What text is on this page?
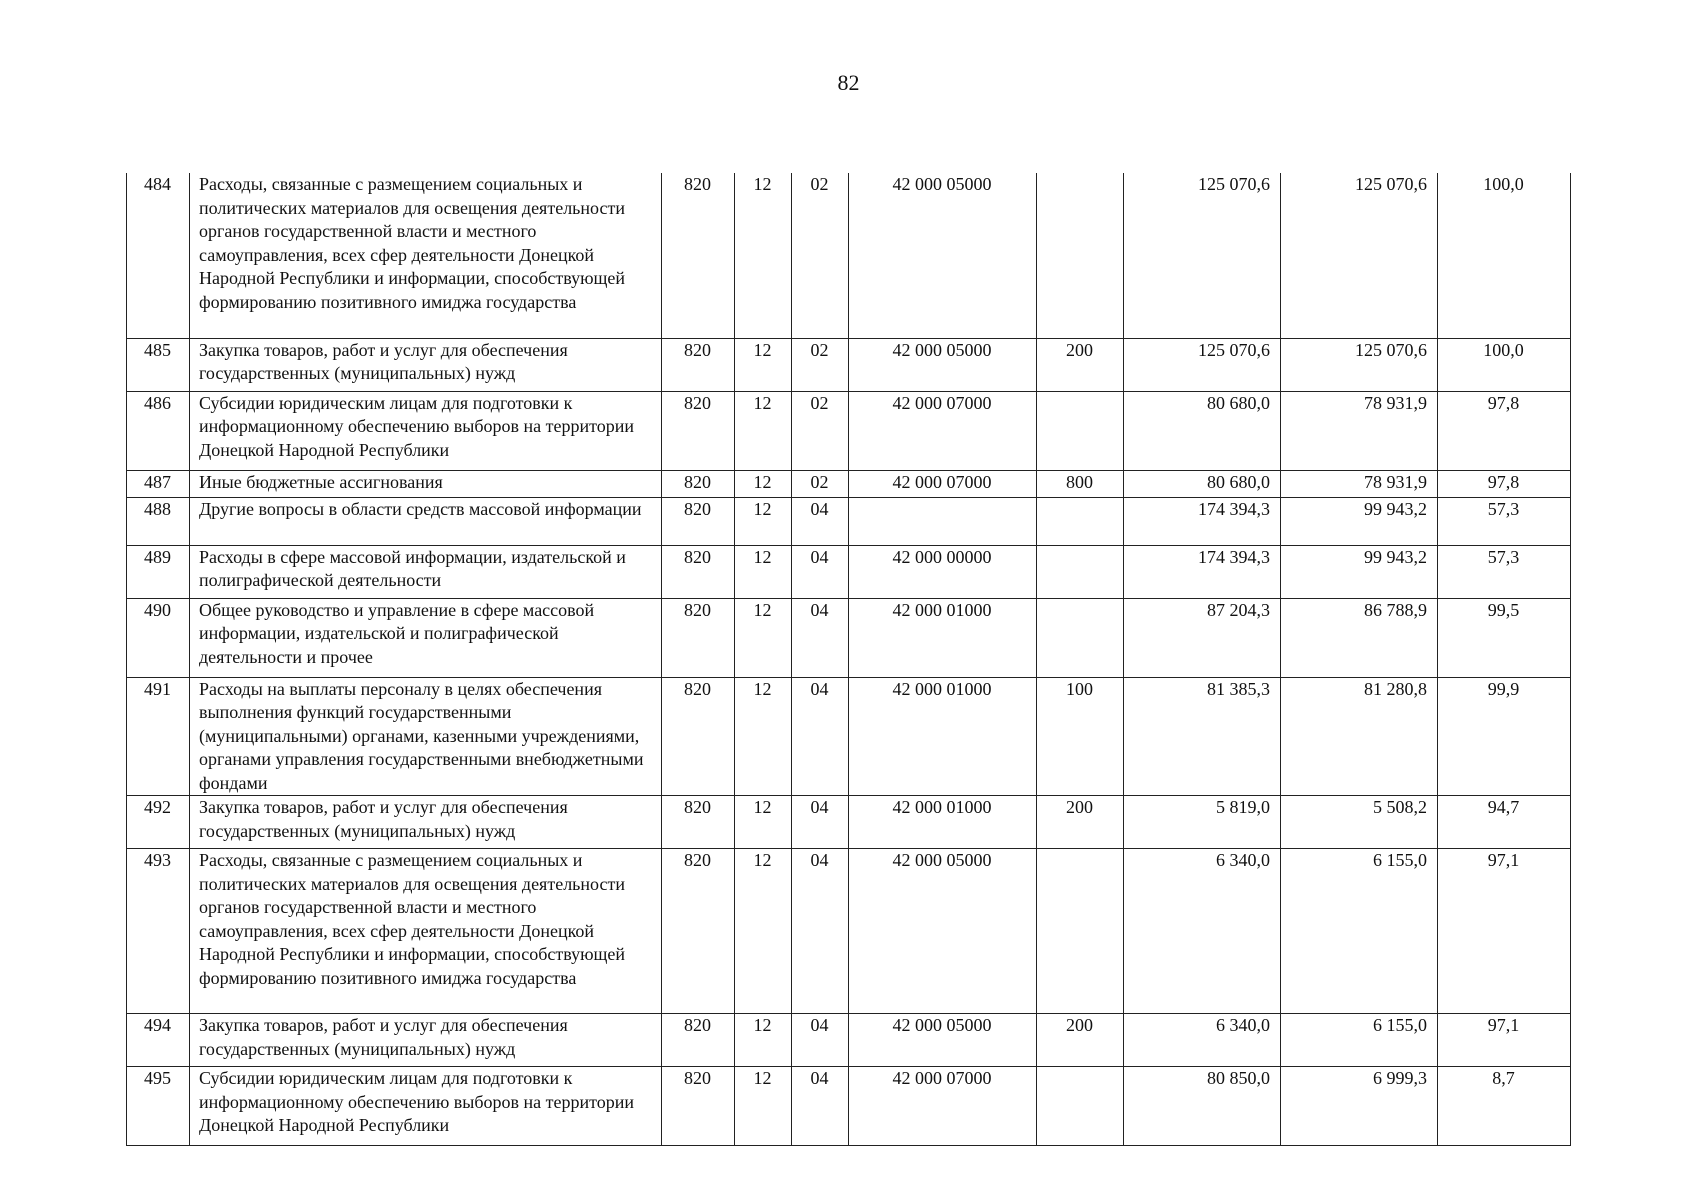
82
484	Расходы, связанные с размещением социальных и политических материалов для освещения деятельности органов государственной власти и местного самоуправления, всех сфер деятельности Донецкой Народной Республики и информации, способствующей формированию позитивного имиджа государства	820	12	02	42 000 05000		125 070,6	125 070,6	100,0
485	Закупка товаров, работ и услуг для обеспечения государственных (муниципальных) нужд	820	12	02	42 000 05000	200	125 070,6	125 070,6	100,0
486	Субсидии юридическим лицам для подготовки к информационному обеспечению выборов на территории Донецкой Народной Республики	820	12	02	42 000 07000		80 680,0	78 931,9	97,8
487	Иные бюджетные ассигнования	820	12	02	42 000 07000	800	80 680,0	78 931,9	97,8
488	Другие вопросы в области средств массовой информации	820	12	04			174 394,3	99 943,2	57,3
489	Расходы в сфере массовой информации, издательской и полиграфической деятельности	820	12	04	42 000 00000		174 394,3	99 943,2	57,3
490	Общее руководство и управление в сфере массовой информации, издательской и полиграфической деятельности и прочее	820	12	04	42 000 01000		87 204,3	86 788,9	99,5
491	Расходы на выплаты персоналу в целях обеспечения выполнения функций государственными (муниципальными) органами, казенными учреждениями, органами управления государственными внебюджетными фондами	820	12	04	42 000 01000	100	81 385,3	81 280,8	99,9
492	Закупка товаров, работ и услуг для обеспечения государственных (муниципальных) нужд	820	12	04	42 000 01000	200	5 819,0	5 508,2	94,7
493	Расходы, связанные с размещением социальных и политических материалов для освещения деятельности органов государственной власти и местного самоуправления, всех сфер деятельности Донецкой Народной Республики и информации, способствующей формированию позитивного имиджа государства	820	12	04	42 000 05000		6 340,0	6 155,0	97,1
494	Закупка товаров, работ и услуг для обеспечения государственных (муниципальных) нужд	820	12	04	42 000 05000	200	6 340,0	6 155,0	97,1
495	Субсидии юридическим лицам для подготовки к информационному обеспечению выборов на территории Донецкой Народной Республики	820	12	04	42 000 07000		80 850,0	6 999,3	8,7
